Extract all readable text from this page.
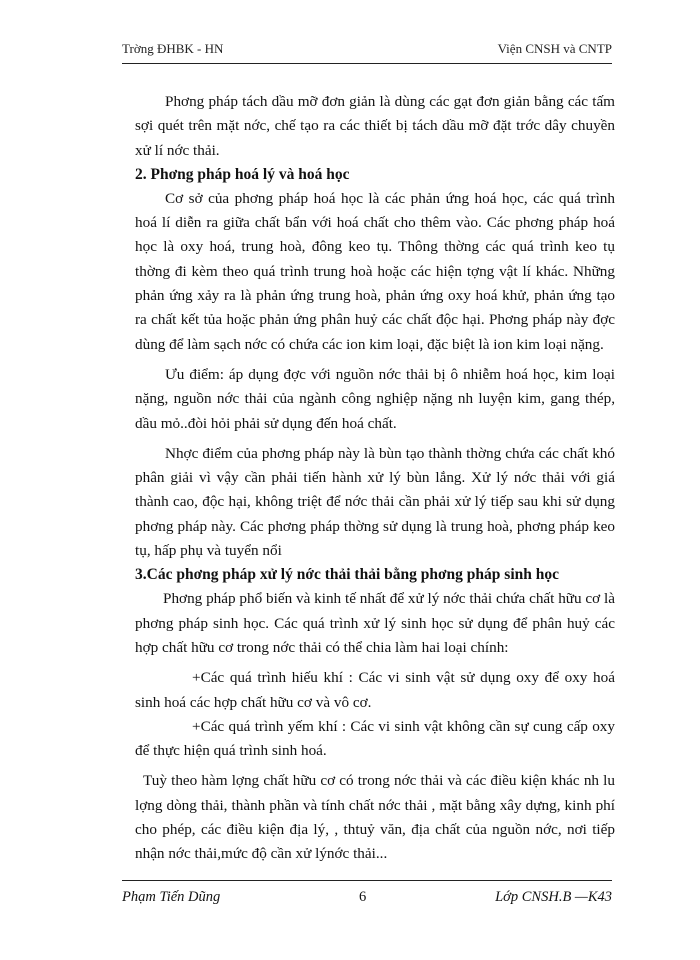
Trờng ĐHBK - HN	Viện CNSH và CNTP

Phơng pháp tách dầu mỡ đơn giản là dùng các gạt đơn giản bằng các tấm sợi quét trên mặt nớc, chế tạo ra các thiết bị tách dầu mỡ đặt trớc dây chuyền xử lí nớc thải.

2. Phơng pháp hoá lý và hoá học

Cơ sở của phơng pháp hoá học là các phản ứng hoá học, các quá trình hoá lí diễn ra giữa chất bẩn với hoá chất cho thêm vào. Các phơng pháp hoá học là oxy hoá, trung hoà, đông keo tụ. Thông thờng các quá trình keo tụ thờng đi kèm theo quá trình trung hoà hoặc các hiện tợng vật lí khác. Những phản ứng xảy ra là phản ứng trung hoà, phản ứng oxy hoá khử, phản ứng tạo ra chất kết tủa hoặc phản ứng phân huỷ các chất độc hại. Phơng pháp này đợc dùng để làm sạch nớc có chứa các ion kim loại, đặc biệt là ion kim loại nặng.

Ưu điểm: áp dụng đợc với nguồn nớc thải bị ô nhiễm hoá học, kim loại nặng, nguồn nớc thải của ngành công nghiệp nặng nh luyện kim, gang thép, dầu mỏ..đòi hỏi phải sử dụng đến hoá chất.

Nhợc điểm của phơng pháp này là bùn tạo thành thờng chứa các chất khó phân giải vì vậy cần phải tiến hành xử lý bùn lắng. Xử lý nớc thải với giá thành cao, độc hại, không triệt để nớc thải cần phải xử lý tiếp sau khi sử dụng phơng pháp này. Các phơng pháp thờng sử dụng là trung hoà, phơng pháp keo tụ, hấp phụ và tuyển nổi

3.Các phơng pháp xử lý nớc thải thải bằng phơng pháp sinh học

Phơng pháp phổ biến và kinh tế nhất để xử lý nớc thải chứa chất hữu cơ là phơng pháp sinh học. Các quá trình xử lý sinh học sử dụng để phân huỷ các hợp chất hữu cơ trong nớc thải có thể chia làm hai loại chính:

+Các quá trình hiếu khí : Các vi sinh vật sử dụng oxy để oxy hoá sinh hoá các hợp chất hữu cơ và vô cơ.

+Các quá trình yếm khí : Các vi sinh vật không cần sự cung cấp oxy để thực hiện quá trình sinh hoá.

Tuỳ theo hàm lợng chất hữu cơ có trong nớc thải và các điều kiện khác nh lu lợng dòng thải, thành phần và tính chất nớc thải , mặt bằng xây dựng, kinh phí cho phép, các điều kiện địa lý, , thtuỷ văn, địa chất của nguồn nớc, nơi tiếp nhận nớc thải,mức độ cần xử lýnớc thải...

Phạm Tiến Dũng	6	Lớp CNSH.B —K43
